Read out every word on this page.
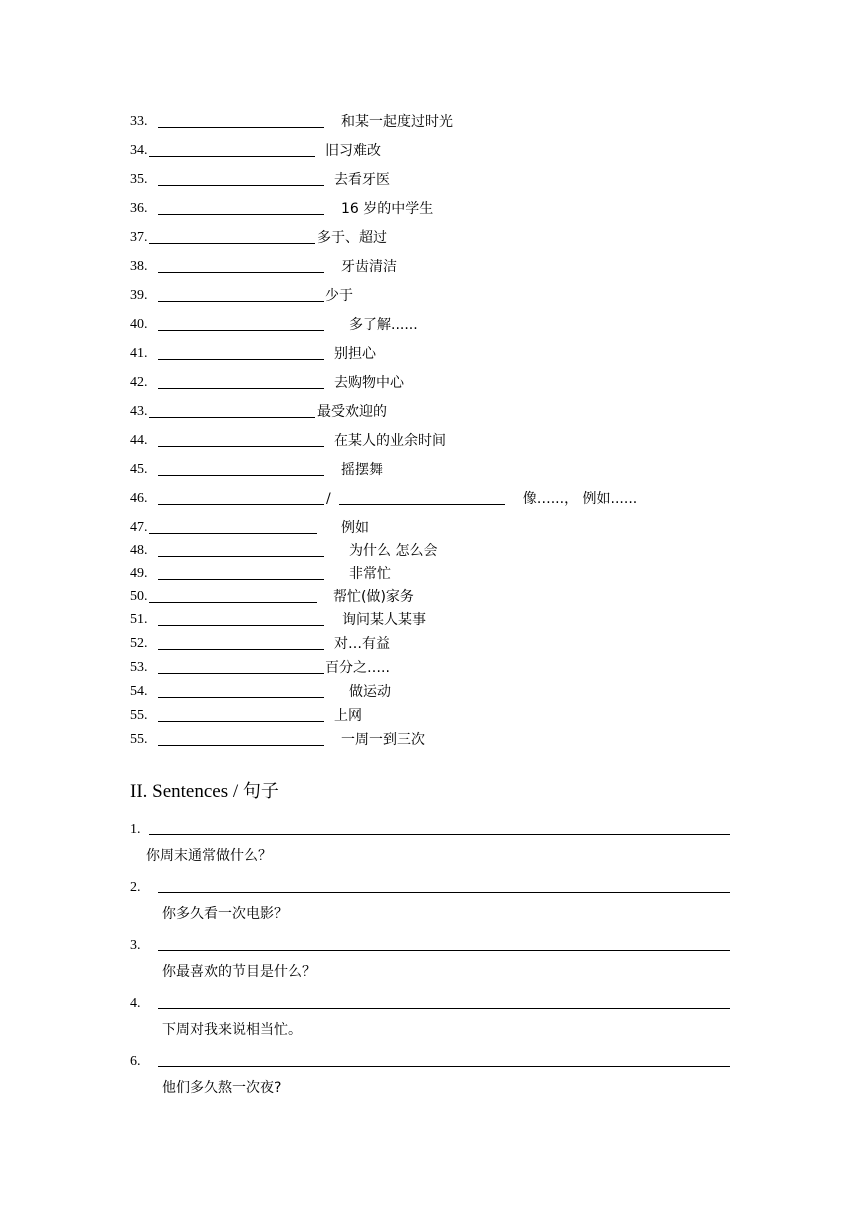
33.	和某一起度过时光
34.	旧习难改
35.	去看牙医
36.	16 岁的中学生
37.	多于、超过
38.	牙齿清洁
39.	少于
40.	多了解......
41.	别担心
42.	去购物中心
43.	最受欢迎的
44.	在某人的业余时间
45.	摇摆舞
46.	/	像…...， 例如......
47.	例如
48.	为什么 怎么会
49.	非常忙
50.	帮忙(做)家务
51.	询问某人某事
52.	对…有益
53.	百分之…..
54.	做运动
55.	上网
55.	一周一到三次
II. Sentences / 句子
1.
你周末通常做什么？
2.
你多久看一次电影？
3.
你最喜欢的节目是什么？
4.
下周对我来说相当忙。
6.
他们多久熬一次夜?
